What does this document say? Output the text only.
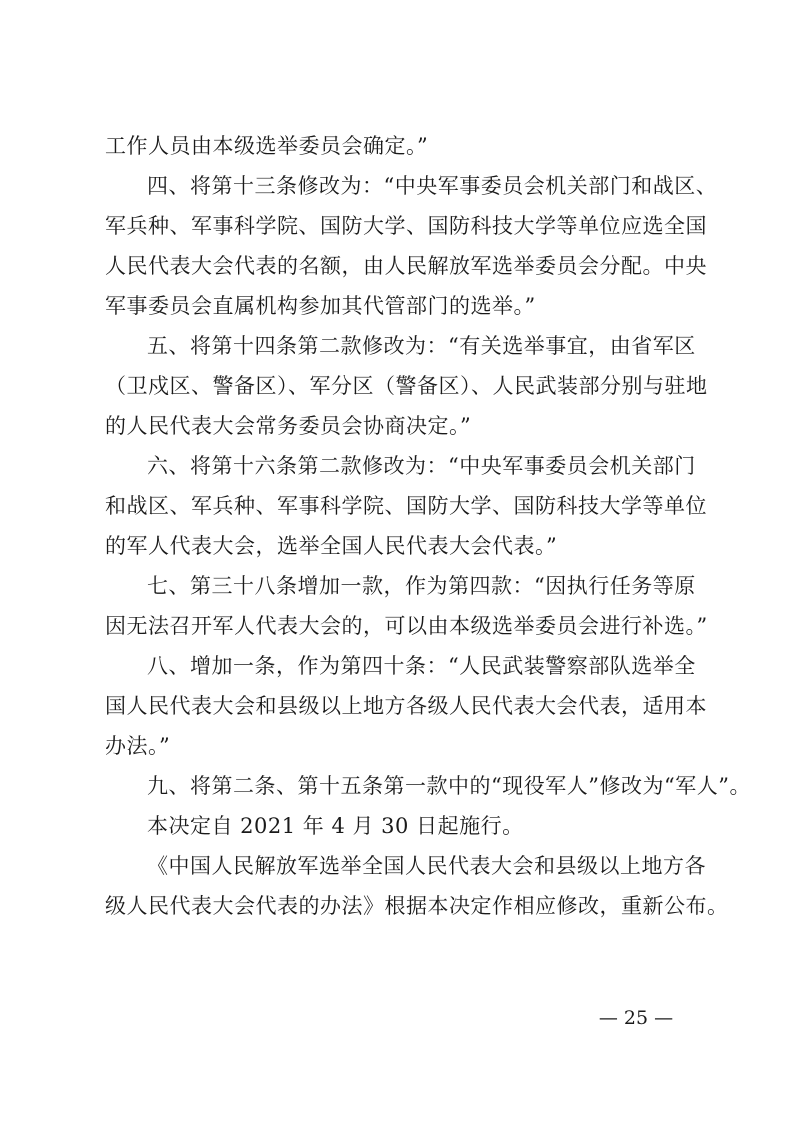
工作人员由本级选举委员会确定。”
四、将第十三条修改为：“中央军事委员会机关部门和战区、
军兵种、军事科学院、国防大学、国防科技大学等单位应选全国
人民代表大会代表的名额，由人民解放军选举委员会分配。中央
军事委员会直属机构参加其代管部门的选举。”
五、将第十四条第二款修改为：“有关选举事宜，由省军区
（卫戍区、警备区）、军分区（警备区）、人民武装部分别与驻地
的人民代表大会常务委员会协商决定。”
六、将第十六条第二款修改为：“中央军事委员会机关部门
和战区、军兵种、军事科学院、国防大学、国防科技大学等单位
的军人代表大会，选举全国人民代表大会代表。”
七、第三十八条增加一款，作为第四款：“因执行任务等原
因无法召开军人代表大会的，可以由本级选举委员会进行补选。”
八、增加一条，作为第四十条：“人民武装警察部队选举全
国人民代表大会和县级以上地方各级人民代表大会代表，适用本
办法。”
九、将第二条、第十五条第一款中的“现役军人”修改为“军人”。
本决定自 2021 年 4 月 30 日起施行。
《中国人民解放军选举全国人民代表大会和县级以上地方各
级人民代表大会代表的办法》根据本决定作相应修改，重新公布。
— 25 —
